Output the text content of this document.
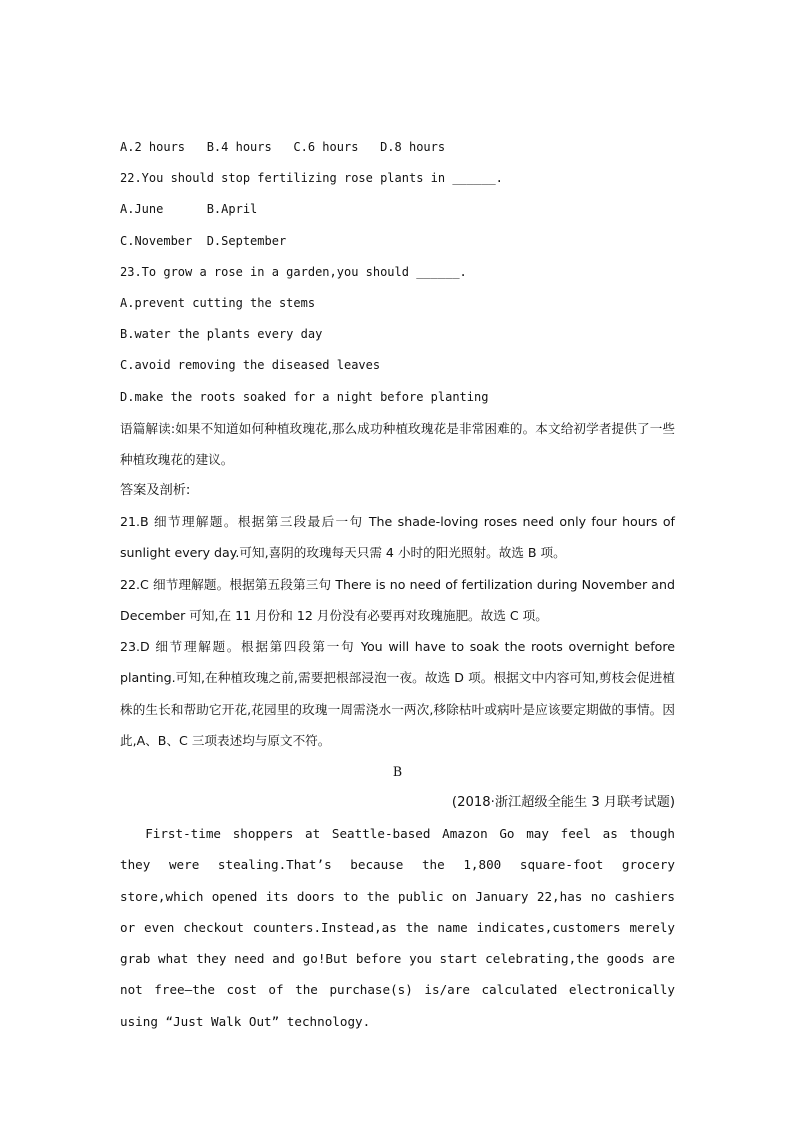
A.2 hours   B.4 hours   C.6 hours   D.8 hours
22.You should stop fertilizing rose plants in ______.
A.June      B.April
C.November  D.September
23.To grow a rose in a garden,you should ______.
A.prevent cutting the stems
B.water the plants every day
C.avoid removing the diseased leaves
D.make the roots soaked for a night before planting
语篇解读:如果不知道如何种植玫瑰花,那么成功种植玫瑰花是非常困难的。本文给初学者提供了一些种植玫瑰花的建议。
答案及剖析:
21.B 细节理解题。根据第三段最后一句 The shade-loving roses need only four hours of sunlight every day.可知,喜阴的玫瑰每天只需 4 小时的阳光照射。故选 B 项。
22.C 细节理解题。根据第五段第三句 There is no need of fertilization during November and December 可知,在 11 月份和 12 月份没有必要再对玫瑰施肥。故选 C 项。
23.D 细节理解题。根据第四段第一句 You will have to soak the roots overnight before planting.可知,在种植玫瑰之前,需要把根部浸泡一夜。故选 D 项。根据文中内容可知,剪枝会促进植株的生长和帮助它开花,花园里的玫瑰一周需浇水一两次,移除枯叶或病叶是应该要定期做的事情。因此,A、B、C 三项表述均与原文不符。
B
(2018·浙江超级全能生 3 月联考试题)
First-time shoppers at Seattle-based Amazon Go may feel as though they were stealing.That’s because the 1,800 square-foot grocery store,which opened its doors to the public on January 22,has no cashiers or even checkout counters.Instead,as the name indicates,customers merely grab what they need and go!But before you start celebrating,the goods are not free—the cost of the purchase(s) is/are calculated electronically using “Just Walk Out” technology.
